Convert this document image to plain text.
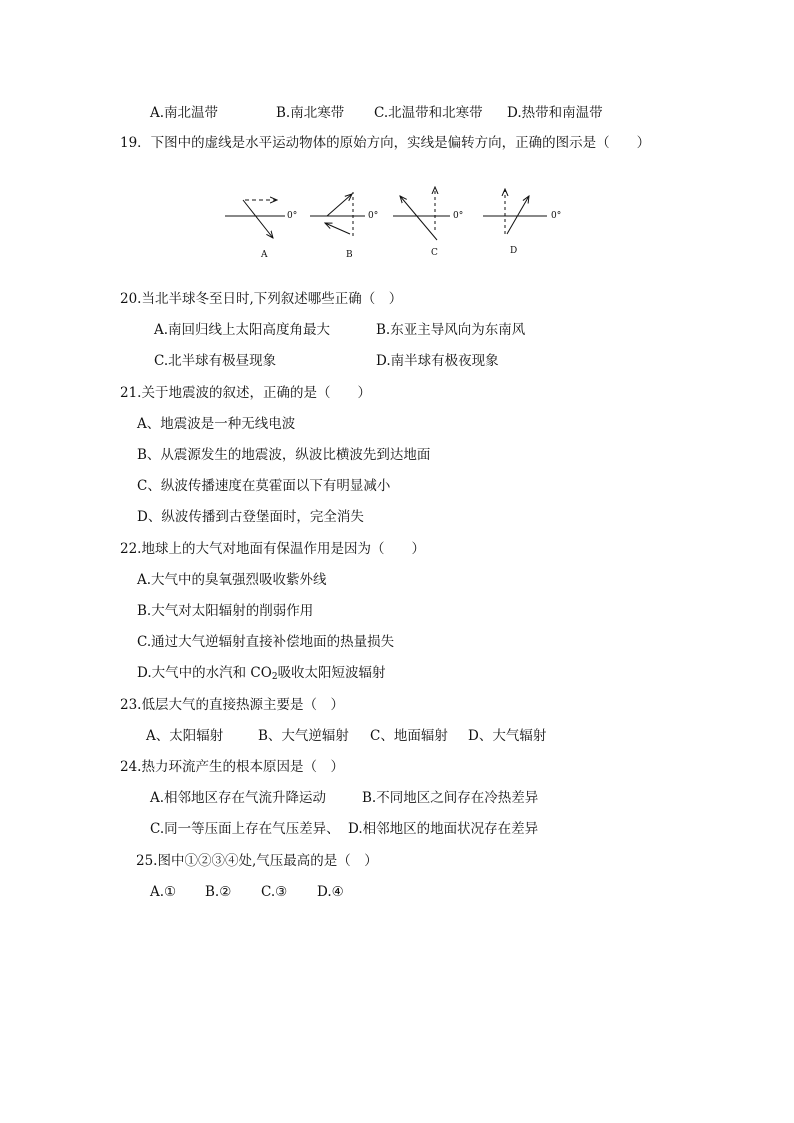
A.南北温带	B.南北寒带 C.北温带和北寒带 D.热带和南温带
19．下图中的虚线是水平运动物体的原始方向，实线是偏转方向，正确的图示是（　　）
0°
A
0°
B
0°
C
0°
D
20.当北半球冬至日时,下列叙述哪些正确（　）
A.南回归线上太阳高度角最大	B.东亚主导风向为东南风
C.北半球有极昼现象	D.南半球有极夜现象
21.关于地震波的叙述，正确的是（　　）
A、地震波是一种无线电波
B、从震源发生的地震波，纵波比横波先到达地面
C、纵波传播速度在莫霍面以下有明显减小
D、纵波传播到古登堡面时，完全消失
22.地球上的大气对地面有保温作用是因为（　　）
A.大气中的臭氧强烈吸收紫外线
B.大气对太阳辐射的削弱作用
C.通过大气逆辐射直接补偿地面的热量损失
D.大气中的水汽和 $CO_2$吸收太阳短波辐射
23.低层大气的直接热源主要是（　）
A、太阳辐射	B、大气逆辐射 C、地面辐射 D、大气辐射
24.热力环流产生的根本原因是（　）
A.相邻地区存在气流升降运动	B.不同地区之间存在冷热差异
C.同一等压面上存在气压差异、 D.相邻地区的地面状况存在差异
25.图中①②③④处,气压最高的是（　）
A.① B.② C.③ D.④
